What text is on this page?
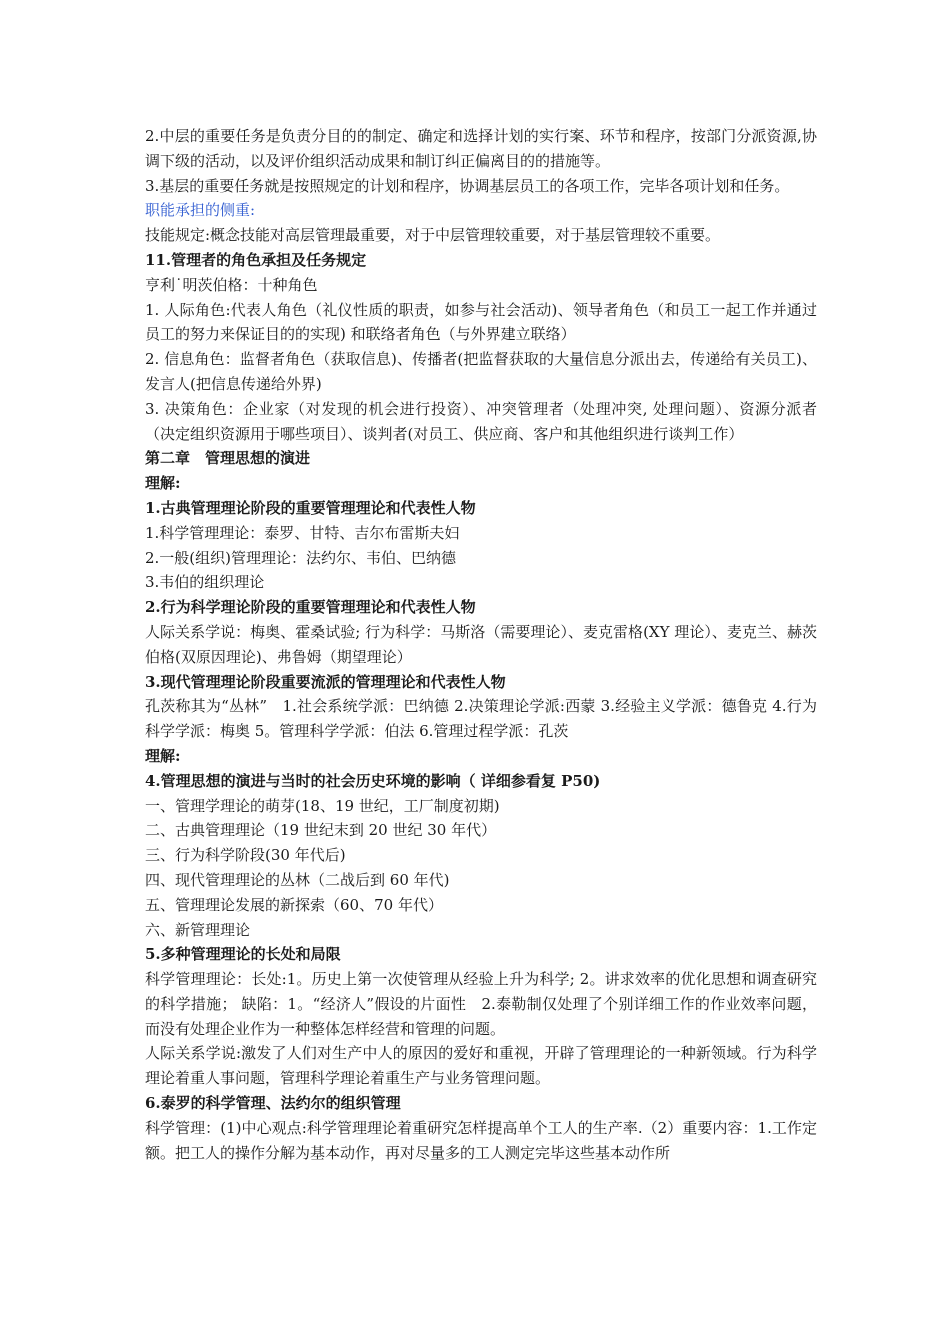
2.中层的重要任务是负责分目的的制定、确定和选择计划的实行案、环节和程序，按部门分派资源,协调下级的活动，以及评价组织活动成果和制订纠正偏离目的的措施等。

3.基层的重要任务就是按照规定的计划和程序，协调基层员工的各项工作，完毕各项计划和任务。

职能承担的侧重:

技能规定:概念技能对高层管理最重要，对于中层管理较重要，对于基层管理较不重要。

11.管理者的角色承担及任务规定

亨利˙明茨伯格：十种角色

1. 人际角色:代表人角色（礼仪性质的职责，如参与社会活动)、领导者角色（和员工一起工作并通过员工的努力来保证目的的实现) 和联络者角色（与外界建立联络）

2. 信息角色：监督者角色（获取信息)、传播者(把监督获取的大量信息分派出去，传递给有关员工)、发言人(把信息传递给外界)

3. 决策角色：企业家（对发现的机会进行投资）、冲突管理者（处理冲突, 处理问题）、资源分派者（决定组织资源用于哪些项目）、谈判者(对员工、供应商、客户和其他组织进行谈判工作）

第二章　管理思想的演进

理解:

1.古典管理理论阶段的重要管理理论和代表性人物

1.科学管理理论：泰罗、甘特、吉尔布雷斯夫妇

2.一般(组织)管理理论：法约尔、韦伯、巴纳德

3.韦伯的组织理论

2.行为科学理论阶段的重要管理理论和代表性人物

人际关系学说：梅奥、霍桑试验; 行为科学：马斯洛（需要理论）、麦克雷格(XY 理论）、麦克兰、赫茨伯格(双原因理论)、弗鲁姆（期望理论）

3.现代管理理论阶段重要流派的管理理论和代表性人物

孔茨称其为“丛林”　1.社会系统学派：巴纳德 2.决策理论学派:西蒙 3.经验主义学派：德鲁克 4.行为科学学派：梅奥 5。管理科学学派：伯法 6.管理过程学派：孔茨

理解:

4.管理思想的演进与当时的社会历史环境的影响（ 详细参看复 P50)

一、管理学理论的萌芽(18、19 世纪，工厂制度初期)

二、古典管理理论（19 世纪末到 20 世纪 30 年代）

三、行为科学阶段(30 年代后)

四、现代管理理论的丛林（二战后到 60 年代)

五、管理理论发展的新探索（60、70 年代）

六、新管理理论

5.多种管理理论的长处和局限

科学管理理论：长处:1。历史上第一次使管理从经验上升为科学; 2。讲求效率的优化思想和调查研究的科学措施； 缺陷：1。“经济人”假设的片面性　2.泰勒制仅处理了个别详细工作的作业效率问题，而没有处理企业作为一种整体怎样经营和管理的问题。

人际关系学说:激发了人们对生产中人的原因的爱好和重视，开辟了管理理论的一种新领域。行为科学理论着重人事问题，管理科学理论着重生产与业务管理问题。

6.泰罗的科学管理、法约尔的组织管理

科学管理：(1)中心观点:科学管理理论着重研究怎样提高单个工人的生产率.（2）重要内容：1.工作定额。把工人的操作分解为基本动作，再对尽量多的工人测定完毕这些基本动作所
